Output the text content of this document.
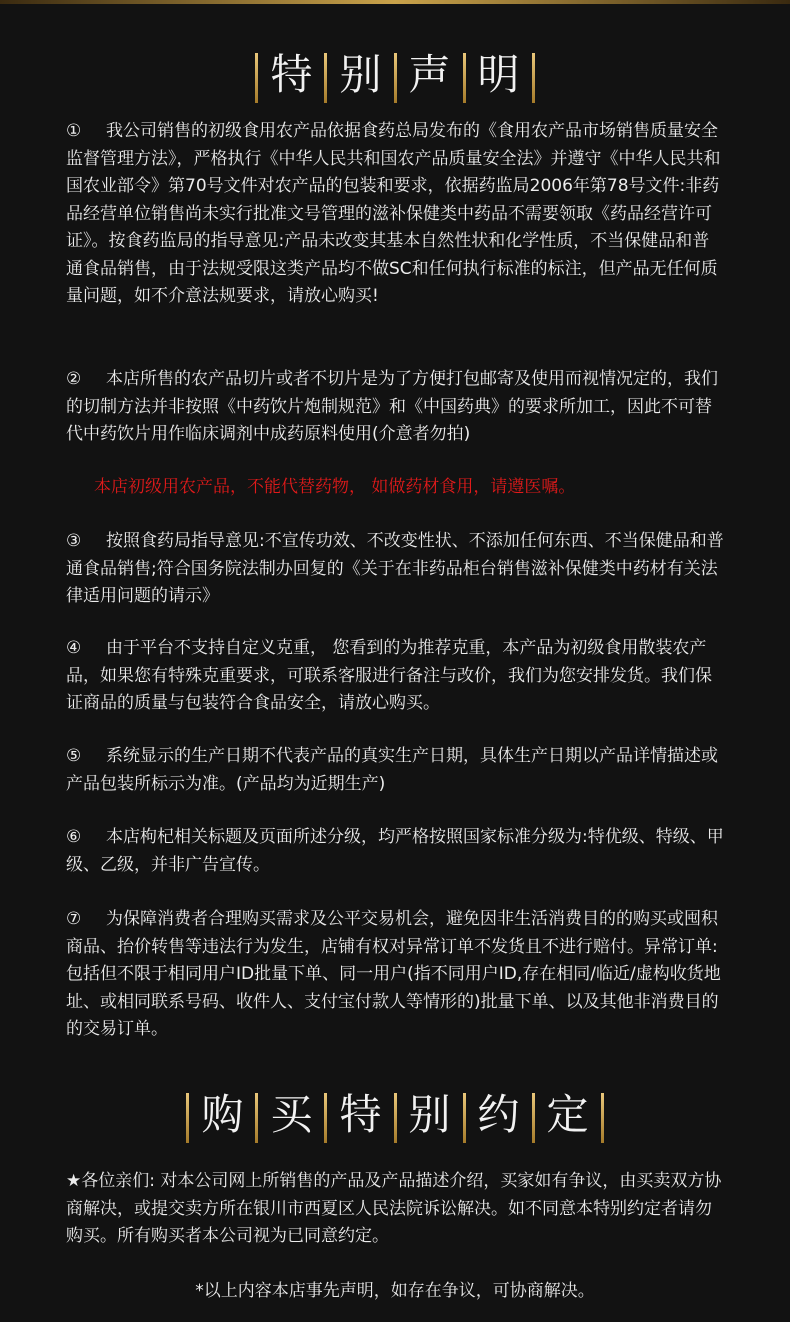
特 别 声 明

① 我公司销售的初级食用农产品依据食药总局发布的《食用农产品市场销售质量安全监督管理方法》，严格执行《中华人民共和国农产品质量安全法》并遵守《中华人民共和国农业部令》第70号文件对农产品的包装和要求，依据药监局2006年第78号文件:非药品经营单位销售尚未实行批准文号管理的滋补保健类中药品不需要领取《药品经营许可证》。按食药监局的指导意见:产品未改变其基本自然性状和化学性质，不当保健品和普通食品销售，由于法规受限这类产品均不做SC和任何执行标准的标注，但产品无任何质量问题，如不介意法规要求，请放心购买!

② 本店所售的农产品切片或者不切片是为了方便打包邮寄及使用而视情况定的，我们的切制方法并非按照《中药饮片炮制规范》和《中国药典》的要求所加工，因此不可替代中药饮片用作临床调剂中成药原料使用(介意者勿拍)

本店初级用农产品，不能代替药物， 如做药材食用，请遵医嘱。

③ 按照食药局指导意见:不宣传功效、不改变性状、不添加任何东西、不当保健品和普通食品销售;符合国务院法制办回复的《关于在非药品柜台销售滋补保健类中药材有关法律适用问题的请示》

④ 由于平台不支持自定义克重， 您看到的为推荐克重，本产品为初级食用散装农产品，如果您有特殊克重要求，可联系客服进行备注与改价，我们为您安排发货。我们保证商品的质量与包装符合食品安全，请放心购买。

⑤ 系统显示的生产日期不代表产品的真实生产日期，具体生产日期以产品详情描述或产品包装所标示为准。(产品均为近期生产)

⑥ 本店枸杞相关标题及页面所述分级，均严格按照国家标准分级为:特优级、特级、甲级、乙级，并非广告宣传。

⑦ 为保障消费者合理购买需求及公平交易机会，避免因非生活消费目的的购买或囤积商品、抬价转售等违法行为发生，店铺有权对异常订单不发货且不进行赔付。异常订单: 包括但不限于相同用户ID批量下单、同一用户(指不同用户ID,存在相同/临近/虚构收货地址、或相同联系号码、收件人、支付宝付款人等情形的)批量下单、以及其他非消费目的的交易订单。

购 买 特 别 约 定

★各位亲们: 对本公司网上所销售的产品及产品描述介绍，买家如有争议，由买卖双方协商解决，或提交卖方所在银川市西夏区人民法院诉讼解决。如不同意本特别约定者请勿购买。所有购买者本公司视为已同意约定。

*以上内容本店事先声明，如存在争议，可协商解决。
